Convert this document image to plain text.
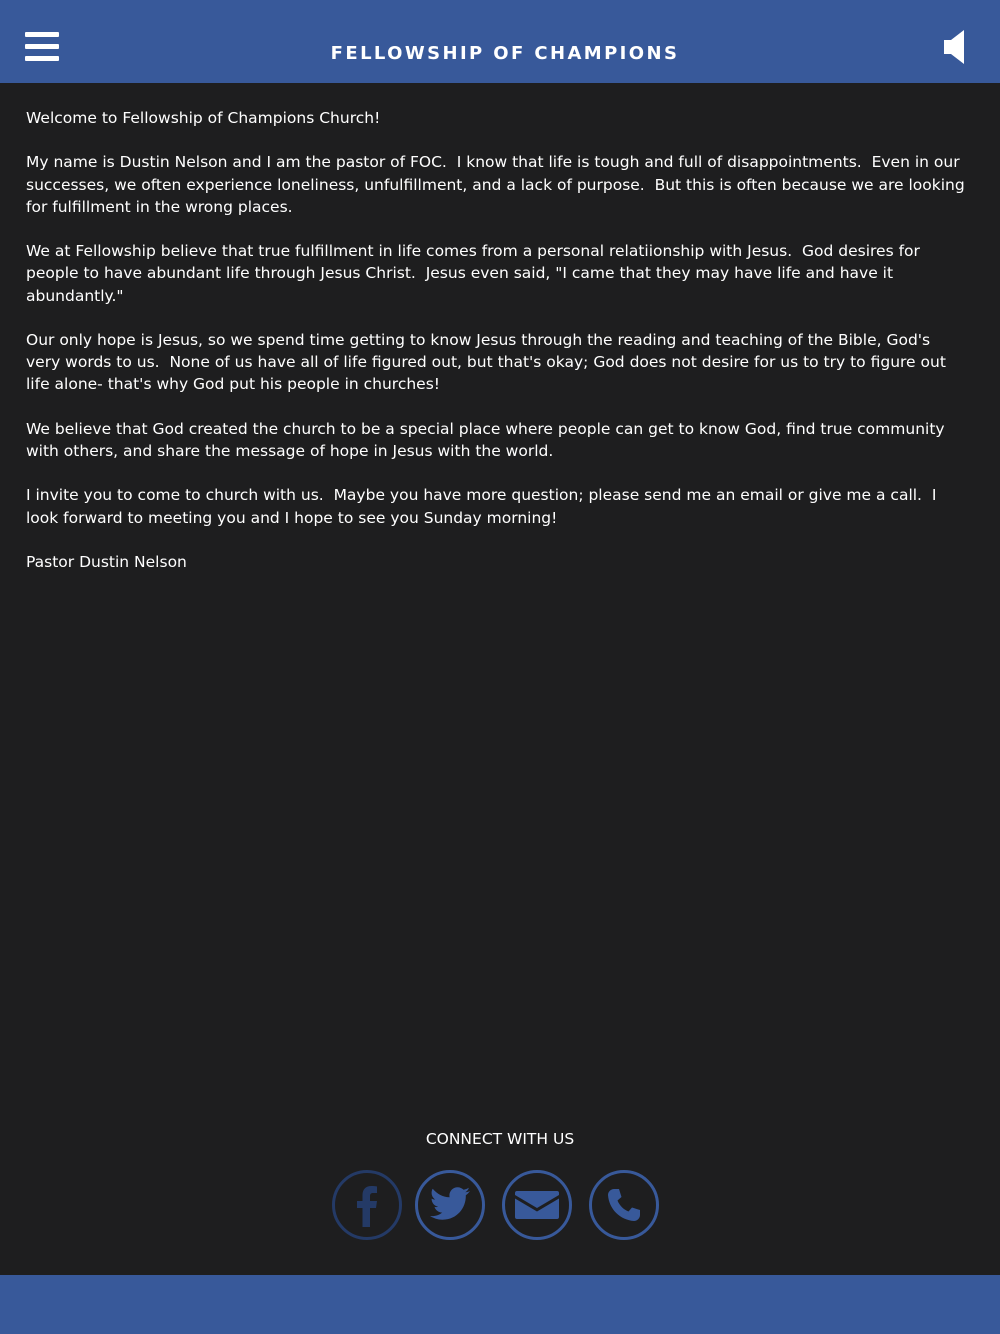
FELLOWSHIP OF CHAMPIONS

Welcome to Fellowship of Champions Church!

My name is Dustin Nelson and I am the pastor of FOC.  I know that life is tough and full of disappointments.  Even in our successes, we often experience loneliness, unfulfillment, and a lack of purpose.  But this is often because we are looking for fulfillment in the wrong places.

We at Fellowship believe that true fulfillment in life comes from a personal relatiionship with Jesus.  God desires for people to have abundant life through Jesus Christ.  Jesus even said, "I came that they may have life and have it abundantly."

Our only hope is Jesus, so we spend time getting to know Jesus through the reading and teaching of the Bible, God's very words to us.  None of us have all of life figured out, but that's okay; God does not desire for us to try to figure out life alone- that's why God put his people in churches!

We believe that God created the church to be a special place where people can get to know God, find true community with others, and share the message of hope in Jesus with the world.

I invite you to come to church with us.  Maybe you have more question; please send me an email or give me a call.  I look forward to meeting you and I hope to see you Sunday morning!

Pastor Dustin Nelson

CONNECT WITH US
